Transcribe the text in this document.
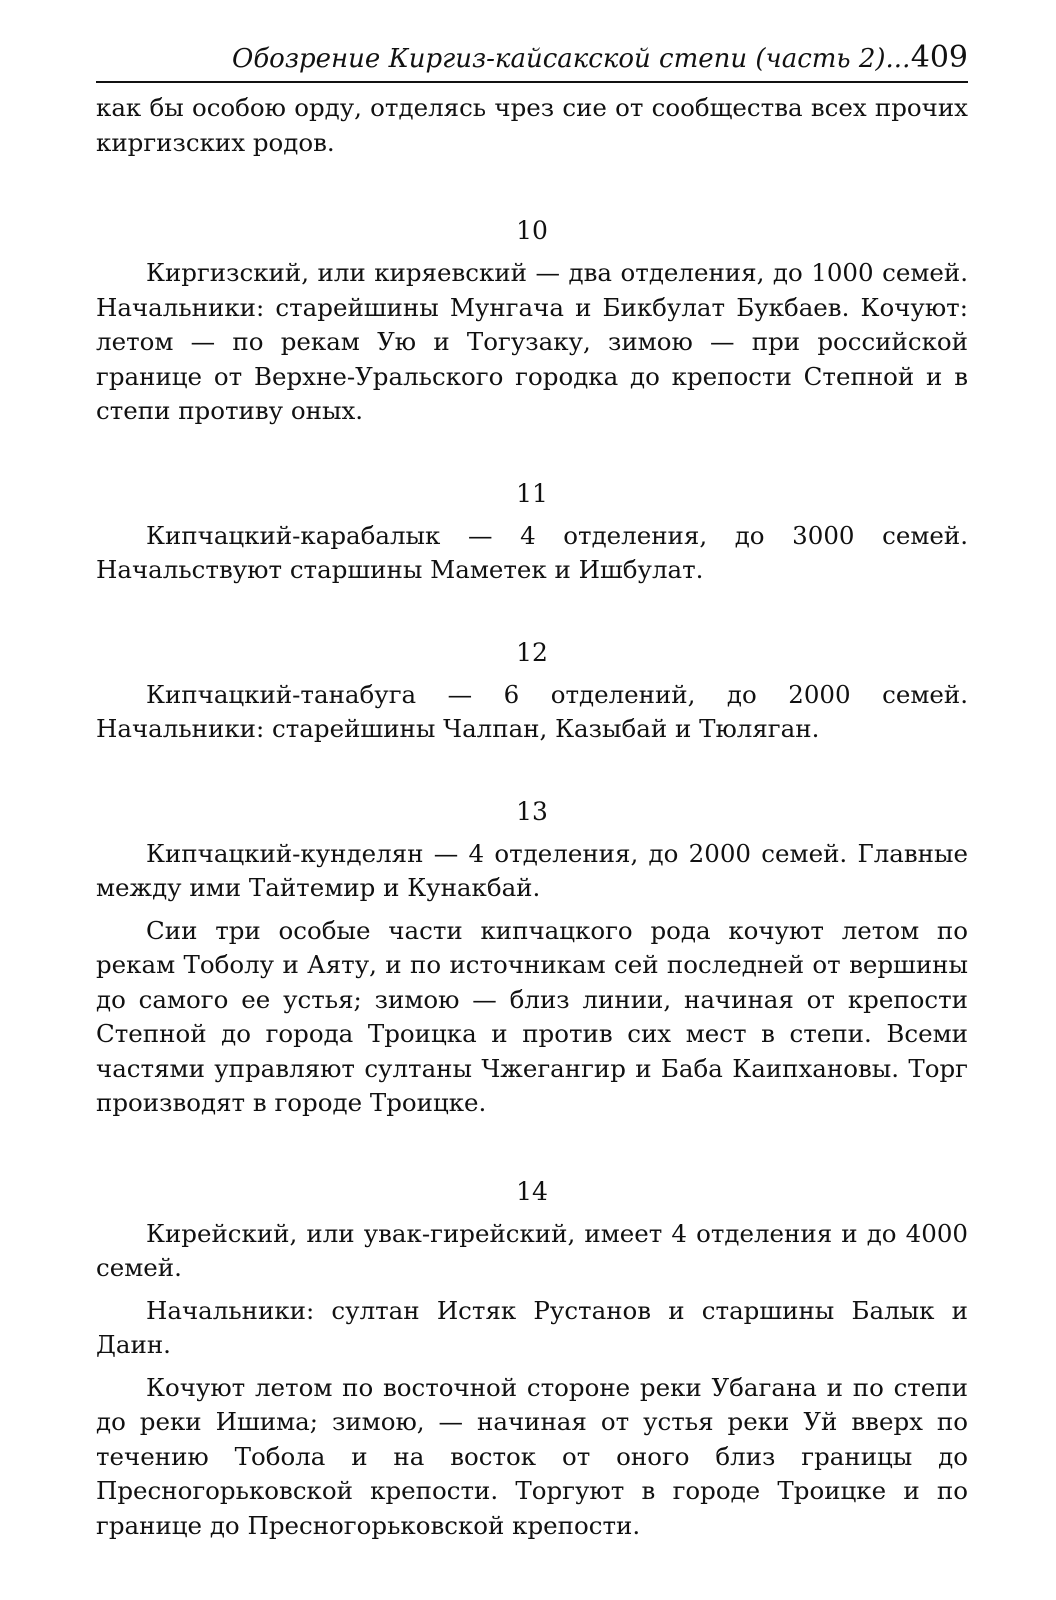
Обозрение Киргиз-кайсакской степи (часть 2)... 409

как бы особою орду, отделясь чрез сие от сообщества всех прочих киргизских родов.

10

Киргизский, или киряевский — два отделения, до 1000 семей. Начальники: старейшины Мунгача и Бикбулат Букбаев. Кочуют: летом — по рекам Ую и Тогузаку, зимою — при российской границе от Верхне-Уральского городка до крепости Степной и в степи противу оных.

11

Кипчацкий-карабалык — 4 отделения, до 3000 семей. Начальствуют старшины Маметек и Ишбулат.

12

Кипчацкий-танабуга — 6 отделений, до 2000 семей. Начальники: старейшины Чалпан, Казыбай и Тюляган.

13

Кипчацкий-кунделян — 4 отделения, до 2000 семей. Главные между ими Тайтемир и Кунакбай.

Сии три особые части кипчацкого рода кочуют летом по рекам Тоболу и Аяту, и по источникам сей последней от вершины до самого ее устья; зимою — близ линии, начиная от крепости Степной до города Троицка и против сих мест в степи. Всеми частями управляют султаны Чжегангир и Баба Каипхановы. Торг производят в городе Троицке.

14

Кирейский, или увак-гирейский, имеет 4 отделения и до 4000 семей.

Начальники: султан Истяк Рустанов и старшины Балык и Даин.

Кочуют летом по восточной стороне реки Убагана и по степи до реки Ишима; зимою, — начиная от устья реки Уй вверх по течению Тобола и на восток от оного близ границы до Пресногорьковской крепости. Торгуют в городе Троицке и по границе до Пресногорьковской крепости.
